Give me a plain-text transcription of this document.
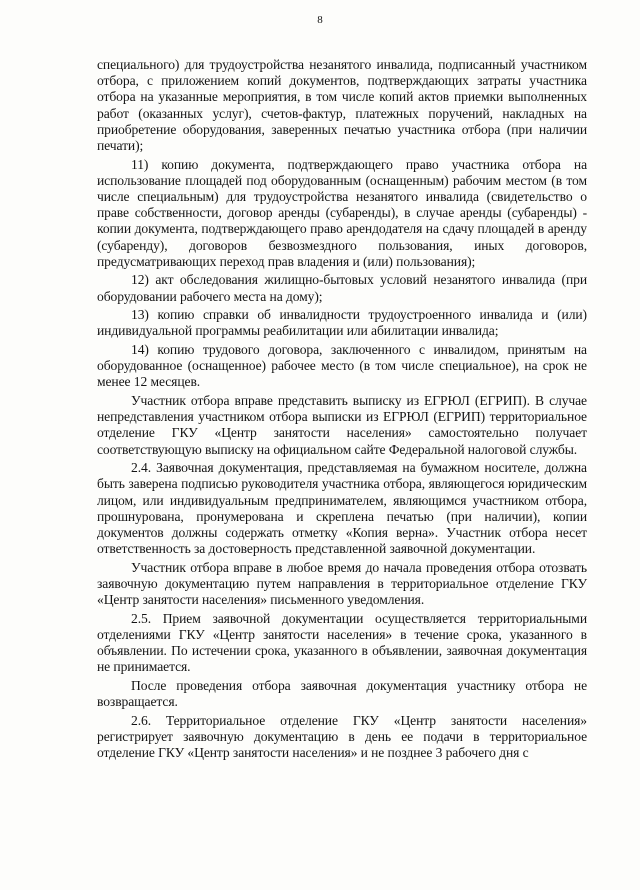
8

специального) для трудоустройства незанятого инвалида, подписанный участником отбора, с приложением копий документов, подтверждающих затраты участника отбора на указанные мероприятия, в том числе копий актов приемки выполненных работ (оказанных услуг), счетов-фактур, платежных поручений, накладных на приобретение оборудования, заверенных печатью участника отбора (при наличии печати);

11) копию документа, подтверждающего право участника отбора на использование площадей под оборудованным (оснащенным) рабочим местом (в том числе специальным) для трудоустройства незанятого инвалида (свидетельство о праве собственности, договор аренды (субаренды), в случае аренды (субаренды) - копии документа, подтверждающего право арендодателя на сдачу площадей в аренду (субаренду), договоров безвозмездного пользования, иных договоров, предусматривающих переход прав владения и (или) пользования);

12) акт обследования жилищно-бытовых условий незанятого инвалида (при оборудовании рабочего места на дому);

13) копию справки об инвалидности трудоустроенного инвалида и (или) индивидуальной программы реабилитации или абилитации инвалида;

14) копию трудового договора, заключенного с инвалидом, принятым на оборудованное (оснащенное) рабочее место (в том числе специальное), на срок не менее 12 месяцев.

Участник отбора вправе представить выписку из ЕГРЮЛ (ЕГРИП). В случае непредставления участником отбора выписки из ЕГРЮЛ (ЕГРИП) территориальное отделение ГКУ «Центр занятости населения» самостоятельно получает соответствующую выписку на официальном сайте Федеральной налоговой службы.

2.4. Заявочная документация, представляемая на бумажном носителе, должна быть заверена подписью руководителя участника отбора, являющегося юридическим лицом, или индивидуальным предпринимателем, являющимся участником отбора, прошнурована, пронумерована и скреплена печатью (при наличии), копии документов должны содержать отметку «Копия верна». Участник отбора несет ответственность за достоверность представленной заявочной документации.

Участник отбора вправе в любое время до начала проведения отбора отозвать заявочную документацию путем направления в территориальное отделение ГКУ «Центр занятости населения» письменного уведомления.

2.5. Прием заявочной документации осуществляется территориальными отделениями ГКУ «Центр занятости населения» в течение срока, указанного в объявлении. По истечении срока, указанного в объявлении, заявочная документация не принимается.

После проведения отбора заявочная документация участнику отбора не возвращается.

2.6. Территориальное отделение ГКУ «Центр занятости населения» регистрирует заявочную документацию в день ее подачи в территориальное отделение ГКУ «Центр занятости населения» и не позднее 3 рабочего дня с
